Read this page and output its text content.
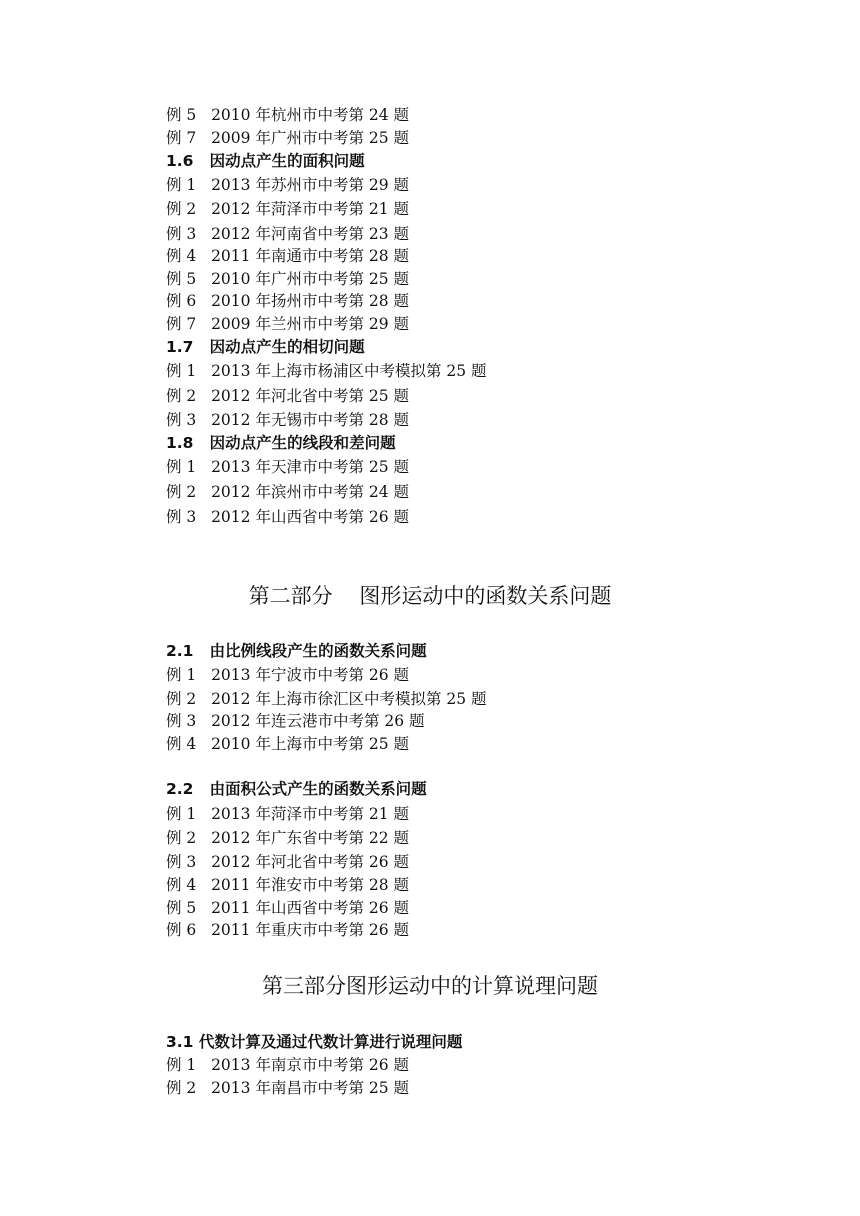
例 5   2010 年杭州市中考第 24 题
例 7   2009 年广州市中考第 25 题
1.6   因动点产生的面积问题
例 1   2013 年苏州市中考第 29 题
例 2   2012 年菏泽市中考第 21 题
例 3   2012 年河南省中考第 23 题
例 4   2011 年南通市中考第 28 题
例 5   2010 年广州市中考第 25 题
例 6   2010 年扬州市中考第 28 题
例 7   2009 年兰州市中考第 29 题
1.7   因动点产生的相切问题
例 1   2013 年上海市杨浦区中考模拟第 25 题
例 2   2012 年河北省中考第 25 题
例 3   2012 年无锡市中考第 28 题
1.8   因动点产生的线段和差问题
例 1   2013 年天津市中考第 25 题
例 2   2012 年滨州市中考第 24 题
例 3   2012 年山西省中考第 26 题
第二部分    图形运动中的函数关系问题
2.1   由比例线段产生的函数关系问题
例 1   2013 年宁波市中考第 26 题
例 2   2012 年上海市徐汇区中考模拟第 25 题
例 3   2012 年连云港市中考第 26 题
例 4   2010 年上海市中考第 25 题
2.2   由面积公式产生的函数关系问题
例 1   2013 年菏泽市中考第 21 题
例 2   2012 年广东省中考第 22 题
例 3   2012 年河北省中考第 26 题
例 4   2011 年淮安市中考第 28 题
例 5   2011 年山西省中考第 26 题
例 6   2011 年重庆市中考第 26 题
第三部分图形运动中的计算说理问题
3.1 代数计算及通过代数计算进行说理问题
例 1   2013 年南京市中考第 26 题
例 2   2013 年南昌市中考第 25 题
